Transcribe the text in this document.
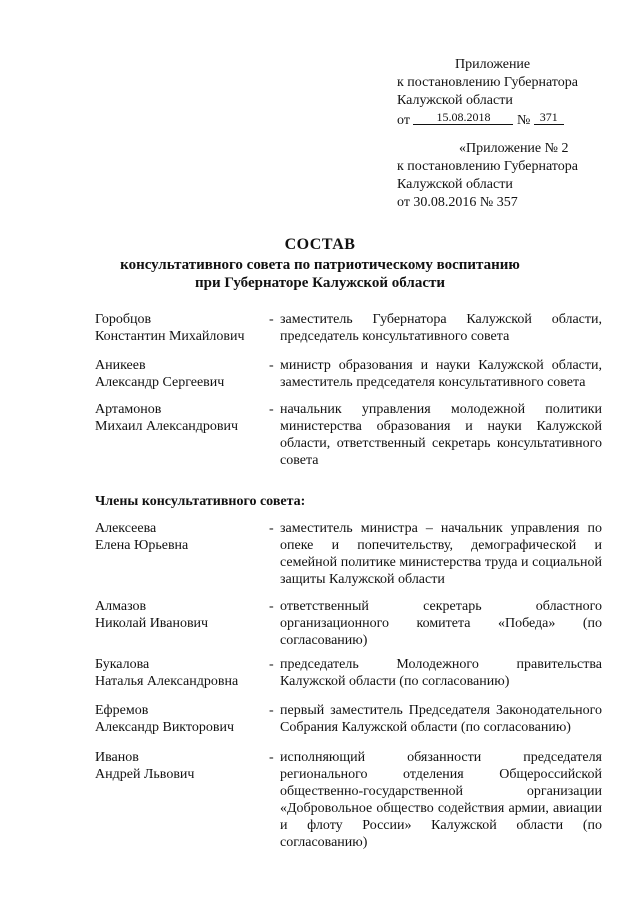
Приложение
к постановлению Губернатора
Калужской области
от 15.08.2018 № 371
«Приложение № 2
к постановлению Губернатора
Калужской области
от 30.08.2016 № 357
СОСТАВ
консультативного совета по патриотическому воспитанию
при Губернаторе Калужской области
Горобцов
Константин Михайлович
- заместитель Губернатора Калужской области, председатель консультативного совета
Аникеев
Александр Сергеевич
- министр образования и науки Калужской области, заместитель председателя консультативного совета
Артамонов
Михаил Александрович
- начальник управления молодежной политики министерства образования и науки Калужской области, ответственный секретарь консультативного совета
Члены консультативного совета:
Алексеева
Елена Юрьевна
- заместитель министра – начальник управления по опеке и попечительству, демографической и семейной политике министерства труда и социальной защиты Калужской области
Алмазов
Николай Иванович
- ответственный секретарь областного организационного комитета «Победа» (по согласованию)
Букалова
Наталья Александровна
- председатель Молодежного правительства Калужской области (по согласованию)
Ефремов
Александр Викторович
- первый заместитель Председателя Законодательного Собрания Калужской области (по согласованию)
Иванов
Андрей Львович
- исполняющий обязанности председателя регионального отделения Общероссийской общественно-государственной организации «Добровольное общество содействия армии, авиации и флоту России» Калужской области (по согласованию)
